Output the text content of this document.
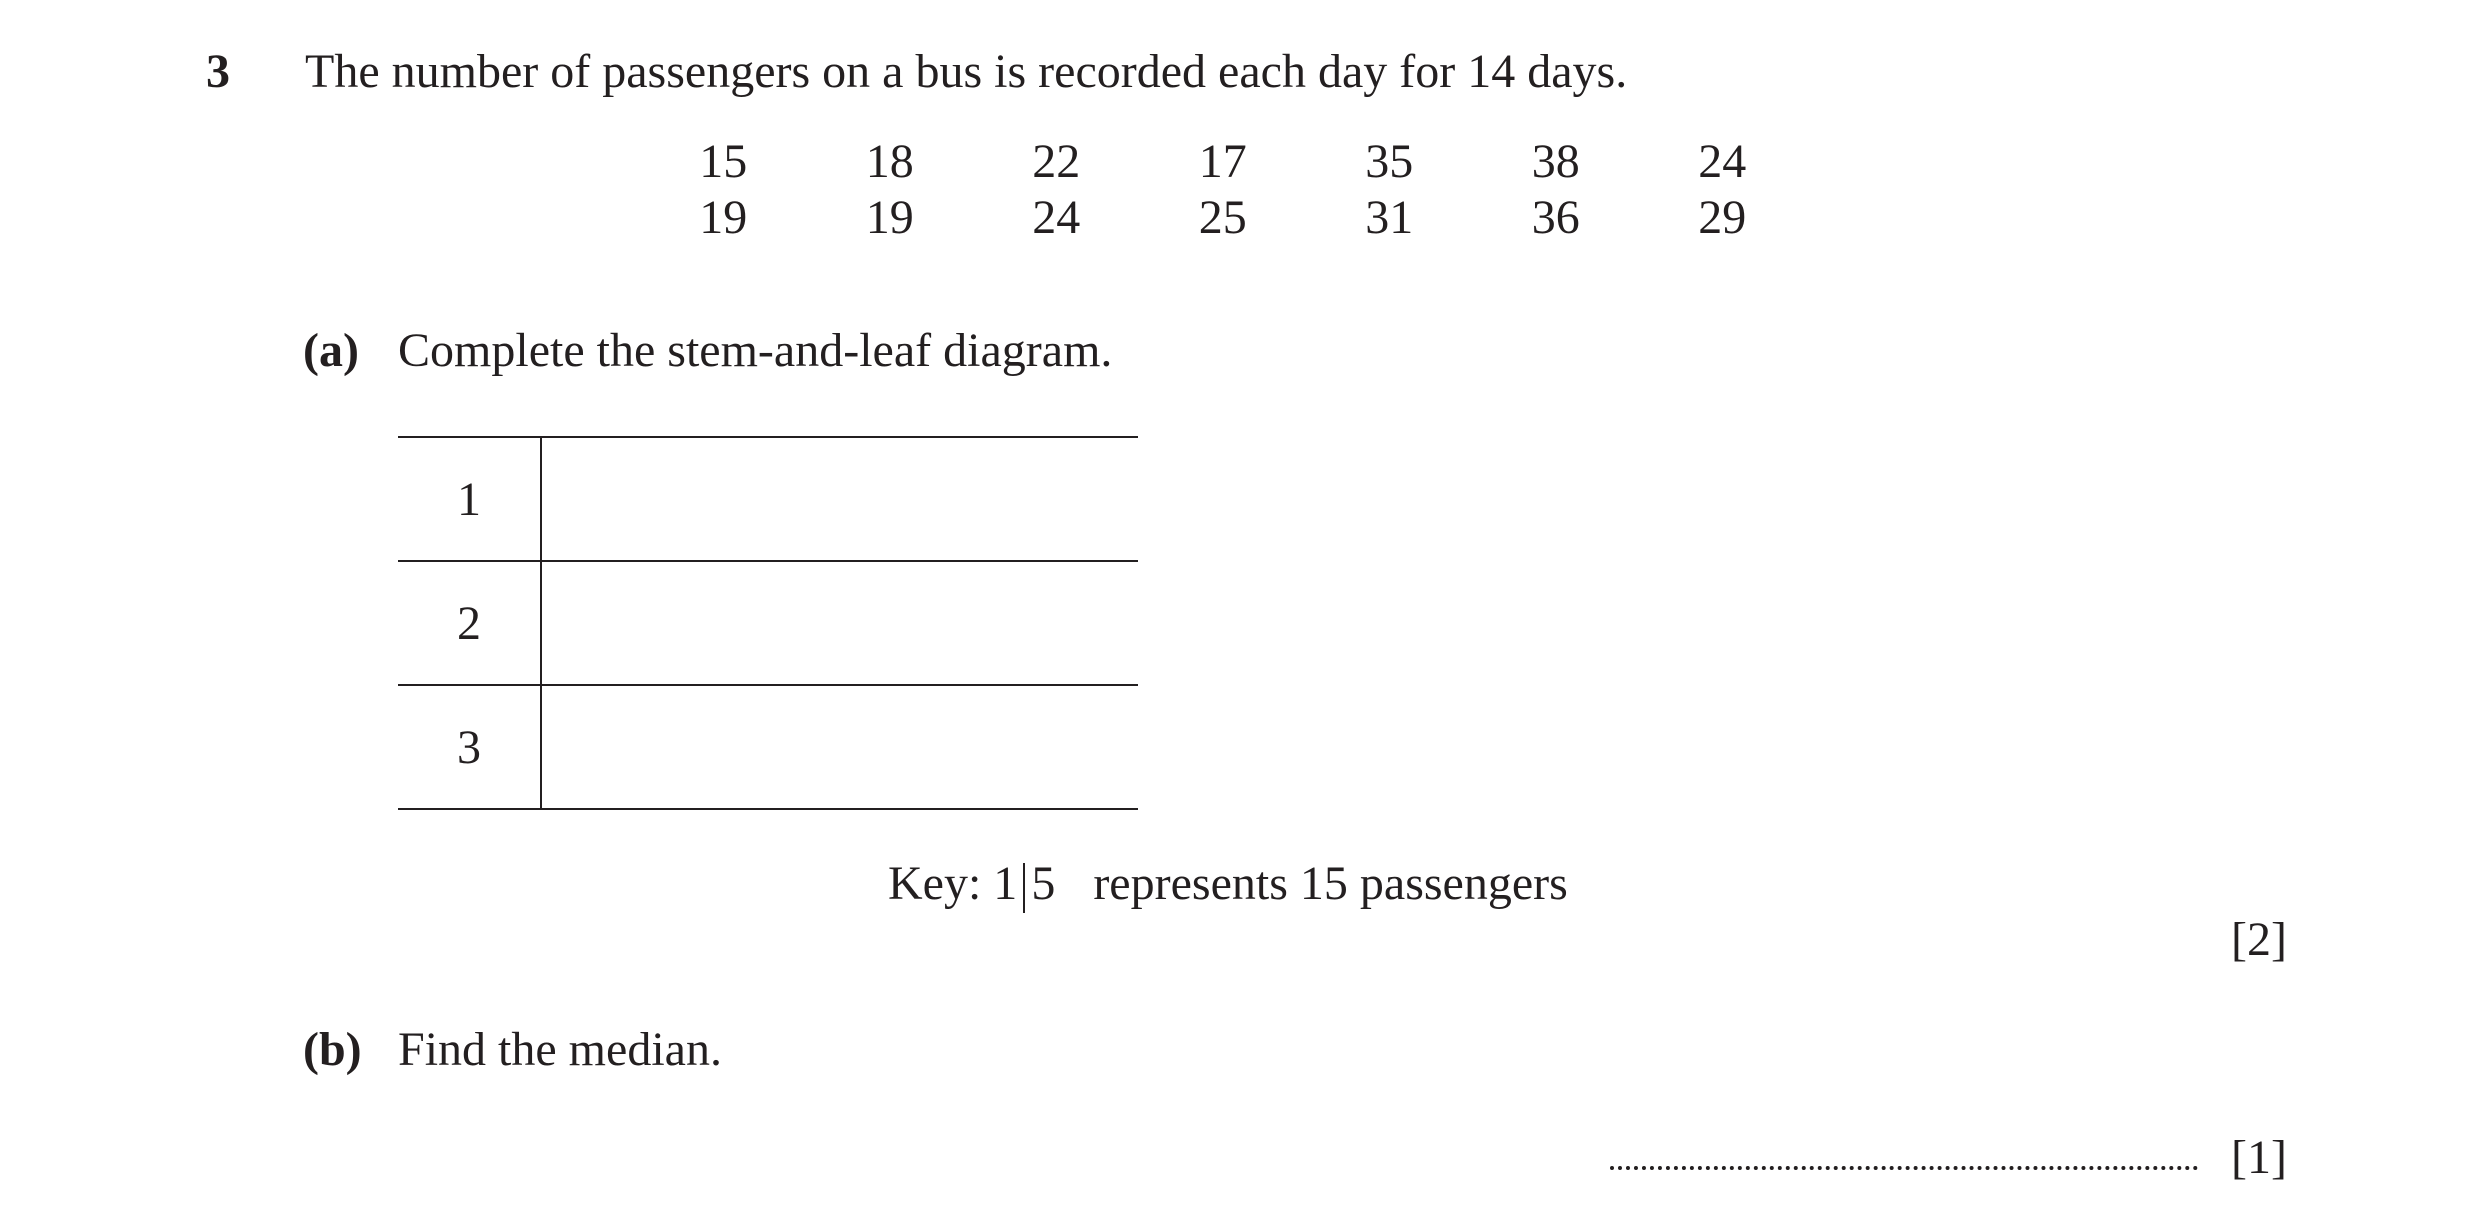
3 The number of passengers on a bus is recorded each day for 14 days.
15	18	22	17	35	38	24
19	19	24	25	31	36	29
(a) Complete the stem-and-leaf diagram.
1	
2	
3	
Key: 1 5 represents 15 passengers
[2]
(b) Find the median.
[1]
